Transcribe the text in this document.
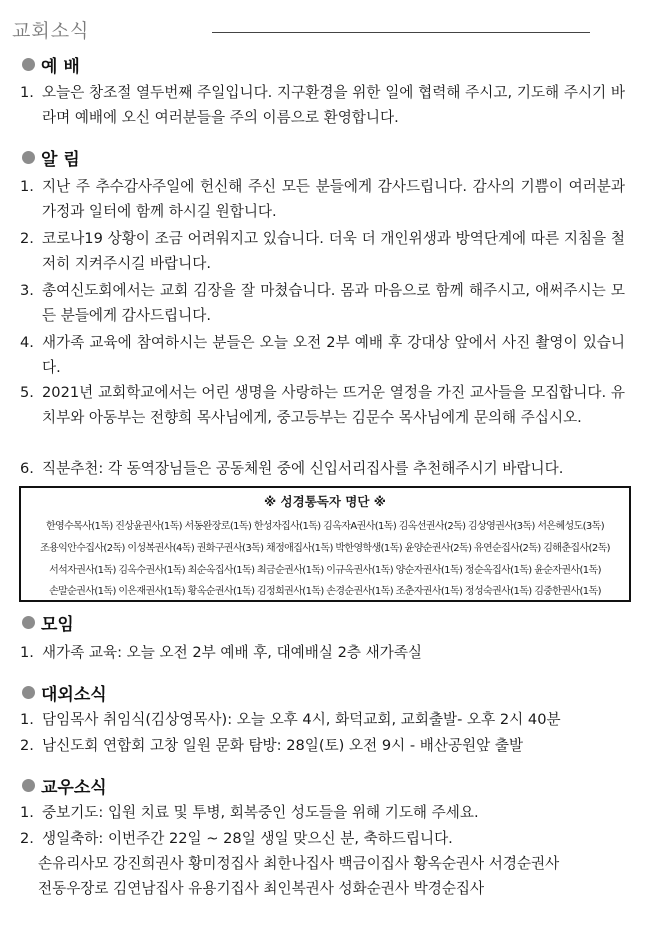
교회소식
예 배
1. 오늘은 창조절 열두번째 주일입니다. 지구환경을 위한 일에 협력해 주시고, 기도해 주시기 바라며 예배에 오신 여러분들을 주의 이름으로 환영합니다.
알 림
1. 지난 주 추수감사주일에 헌신해 주신 모든 분들에게 감사드립니다. 감사의 기쁨이 여러분과 가정과 일터에 함께 하시길 원합니다.
2. 코로나19 상황이 조금 어려워지고 있습니다. 더욱 더 개인위생과 방역단계에 따른 지침을 철저히 지켜주시길 바랍니다.
3. 총여신도회에서는 교회 김장을 잘 마쳤습니다. 몸과 마음으로 함께 해주시고, 애써주시는 모든 분들에게 감사드립니다.
4. 새가족 교육에 참여하시는 분들은 오늘 오전 2부 예배 후 강대상 앞에서 사진 촬영이 있습니다.
5. 2021년 교회학교에서는 어린 생명을 사랑하는 뜨거운 열정을 가진 교사들을 모집합니다. 유치부와 아동부는 전향희 목사님에게, 중고등부는 김문수 목사님에게 문의해 주십시오.
6. 직분추천: 각 동역장님들은 공동체원 중에 신입서리집사를 추천해주시기 바랍니다.
※ 성경통독자 명단 ※
한영수목사(1독) 진상윤권사(1독) 서동완장로(1독) 한성자집사(1독) 김옥자A권사(1독) 김옥선권사(2독) 김상영권사(3독) 서은혜성도(3독)
조용익안수집사(2독) 이성복권사(4독) 권화구권사(3독) 채정애집사(1독) 박한영학생(1독) 윤양순권사(2독) 유연순집사(2독) 김해춘집사(2독)
서석자권사(1독) 김옥수권사(1독) 최순옥집사(1독) 최금순권사(1독) 이규옥권사(1독) 양순자권사(1독) 정순옥집사(1독) 윤순자권사(1독)
손말순권사(1독) 이은재권사(1독) 황옥순권사(1독) 김정희권사(1독) 손경순권사(1독) 조춘자권사(1독) 정성숙권사(1독) 김중한권사(1독)
모임
1. 새가족 교육: 오늘 오전 2부 예배 후, 대예배실 2층 새가족실
대외소식
1. 담임목사 취임식(김상영목사): 오늘 오후 4시, 화덕교회, 교회출발- 오후 2시 40분
2. 남신도회 연합회 고창 일원 문화 탐방: 28일(토) 오전 9시 - 배산공원앞 출발
교우소식
1. 중보기도: 입원 치료 및 투병, 회복중인 성도들을 위해 기도해 주세요.
2. 생일축하: 이번주간 22일 ~ 28일 생일 맞으신 분, 축하드립니다.
손유리사모 강진희권사 황미정집사 최한나집사 백금이집사 황옥순권사 서경순권사
전동우장로 김연남집사 유용기집사 최인복권사 성화순권사 박경순집사
